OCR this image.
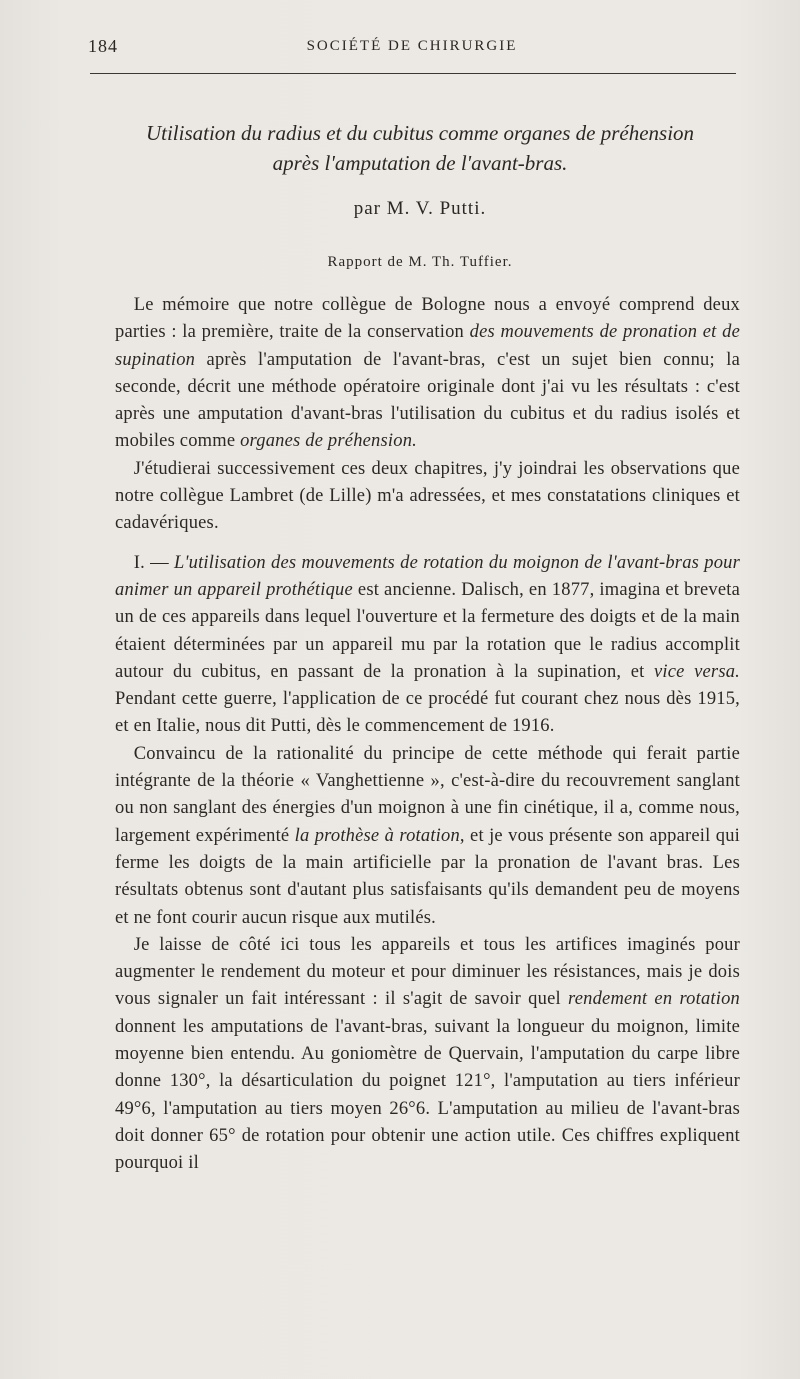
184	SOCIÉTÉ DE CHIRURGIE
Utilisation du radius et du cubitus comme organes de préhension
après l'amputation de l'avant-bras.
par M. V. Putti.
Rapport de M. Th. Tuffier.

 Le mémoire que notre collègue de Bologne nous a envoyé comprend deux parties : la première, traite de la conservation des mouvements de pronation et de supination après l'amputation de l'avant-bras, c'est un sujet bien connu; la seconde, décrit une méthode opératoire originale dont j'ai vu les résultats : c'est après une amputation d'avant-bras l'utilisation du cubitus et du radius isolés et mobiles comme organes de préhension.

 J'étudierai successivement ces deux chapitres, j'y joindrai les observations que notre collègue Lambret (de Lille) m'a adressées, et mes constatations cliniques et cadavériques.

 I. — L'utilisation des mouvements de rotation du moignon de l'avant-bras pour animer un appareil prothétique est ancienne. Dalisch, en 1877, imagina et breveta un de ces appareils dans lequel l'ouverture et la fermeture des doigts et de la main étaient déterminées par un appareil mu par la rotation que le radius accomplit autour du cubitus, en passant de la pronation à la supination, et vice versa. Pendant cette guerre, l'application de ce procédé fut courant chez nous dès 1915, et en Italie, nous dit Putti, dès le commencement de 1916.

 Convaincu de la rationalité du principe de cette méthode qui ferait partie intégrante de la théorie « Vanghettienne », c'est-à-dire du recouvrement sanglant ou non sanglant des énergies d'un moignon à une fin cinétique, il a, comme nous, largement expérimenté la prothèse à rotation, et je vous présente son appareil qui ferme les doigts de la main artificielle par la pronation de l'avant bras. Les résultats obtenus sont d'autant plus satisfaisants qu'ils demandent peu de moyens et ne font courir aucun risque aux mutilés.

 Je laisse de côté ici tous les appareils et tous les artifices imaginés pour augmenter le rendement du moteur et pour diminuer les résistances, mais je dois vous signaler un fait intéressant : il s'agit de savoir quel rendement en rotation donnent les amputations de l'avant-bras, suivant la longueur du moignon, limite moyenne bien entendu. Au goniomètre de Quervain, l'amputation du carpe libre donne 130°, la désarticulation du poignet 121°, l'amputation au tiers inférieur 49°6, l'amputation au tiers moyen 26°6. L'amputation au milieu de l'avant-bras doit donner 65° de rotation pour obtenir une action utile. Ces chiffres expliquent pourquoi il
